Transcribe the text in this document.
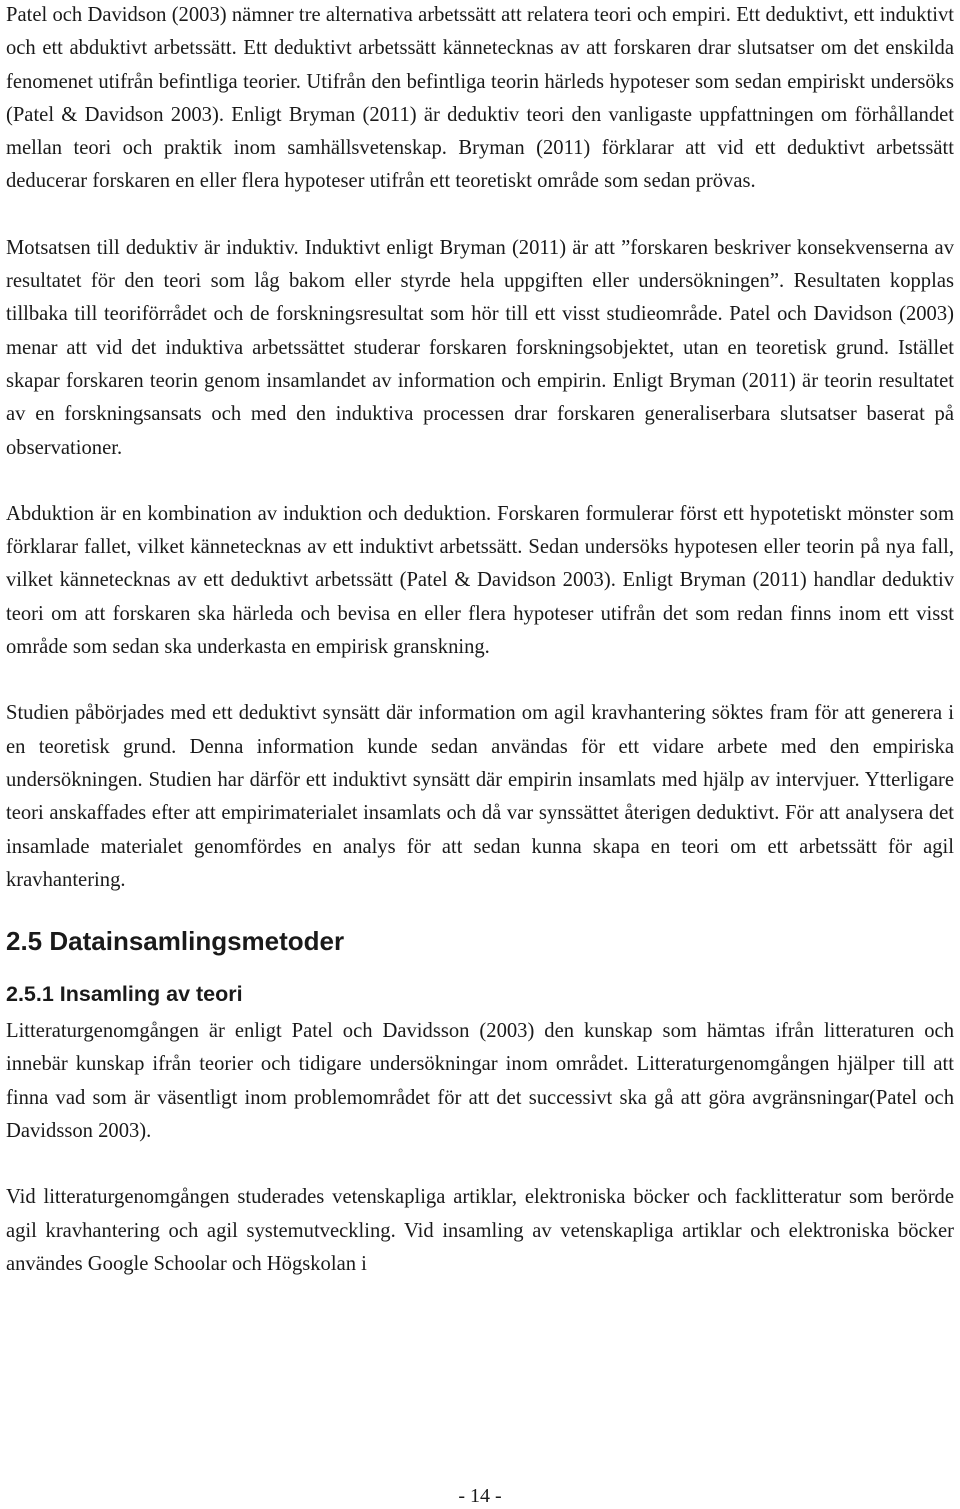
Patel och Davidson (2003) nämner tre alternativa arbetssätt att relatera teori och empiri. Ett deduktivt, ett induktivt och ett abduktivt arbetssätt. Ett deduktivt arbetssätt kännetecknas av att forskaren drar slutsatser om det enskilda fenomenet utifrån befintliga teorier. Utifrån den befintliga teorin härleds hypoteser som sedan empiriskt undersöks (Patel & Davidson 2003). Enligt Bryman (2011) är deduktiv teori den vanligaste uppfattningen om förhållandet mellan teori och praktik inom samhällsvetenskap. Bryman (2011) förklarar att vid ett deduktivt arbetssätt deducerar forskaren en eller flera hypoteser utifrån ett teoretiskt område som sedan prövas.

Motsatsen till deduktiv är induktiv. Induktivt enligt Bryman (2011) är att ”forskaren beskriver konsekvenserna av resultatet för den teori som låg bakom eller styrde hela uppgiften eller undersökningen”. Resultaten kopplas tillbaka till teoriförrådet och de forskningsresultat som hör till ett visst studieområde. Patel och Davidson (2003) menar att vid det induktiva arbetssättet studerar forskaren forskningsobjektet, utan en teoretisk grund. Istället skapar forskaren teorin genom insamlandet av information och empirin. Enligt Bryman (2011) är teorin resultatet av en forskningsansats och med den induktiva processen drar forskaren generaliserbara slutsatser baserat på observationer.

Abduktion är en kombination av induktion och deduktion. Forskaren formulerar först ett hypotetiskt mönster som förklarar fallet, vilket kännetecknas av ett induktivt arbetssätt. Sedan undersöks hypotesen eller teorin på nya fall, vilket kännetecknas av ett deduktivt arbetssätt (Patel & Davidson 2003). Enligt Bryman (2011) handlar deduktiv teori om att forskaren ska härleda och bevisa en eller flera hypoteser utifrån det som redan finns inom ett visst område som sedan ska underkasta en empirisk granskning.

Studien påbörjades med ett deduktivt synsätt där information om agil kravhantering söktes fram för att generera i en teoretisk grund. Denna information kunde sedan användas för ett vidare arbete med den empiriska undersökningen. Studien har därför ett induktivt synsätt där empirin insamlats med hjälp av intervjuer. Ytterligare teori anskaffades efter att empirimaterialet insamlats och då var synssättet återigen deduktivt. För att analysera det insamlade materialet genomfördes en analys för att sedan kunna skapa en teori om ett arbetssätt för agil kravhantering.

2.5 Datainsamlingsmetoder
2.5.1 Insamling av teori

Litteraturgenomgången är enligt Patel och Davidsson (2003) den kunskap som hämtas ifrån litteraturen och innebär kunskap ifrån teorier och tidigare undersökningar inom området. Litteraturgenomgången hjälper till att finna vad som är väsentligt inom problemområdet för att det successivt ska gå att göra avgränsningar(Patel och Davidsson 2003).

Vid litteraturgenomgången studerades vetenskapliga artiklar, elektroniska böcker och facklitteratur som berörde agil kravhantering och agil systemutveckling. Vid insamling av vetenskapliga artiklar och elektroniska böcker användes Google Schoolar och Högskolan i

- 14 -
